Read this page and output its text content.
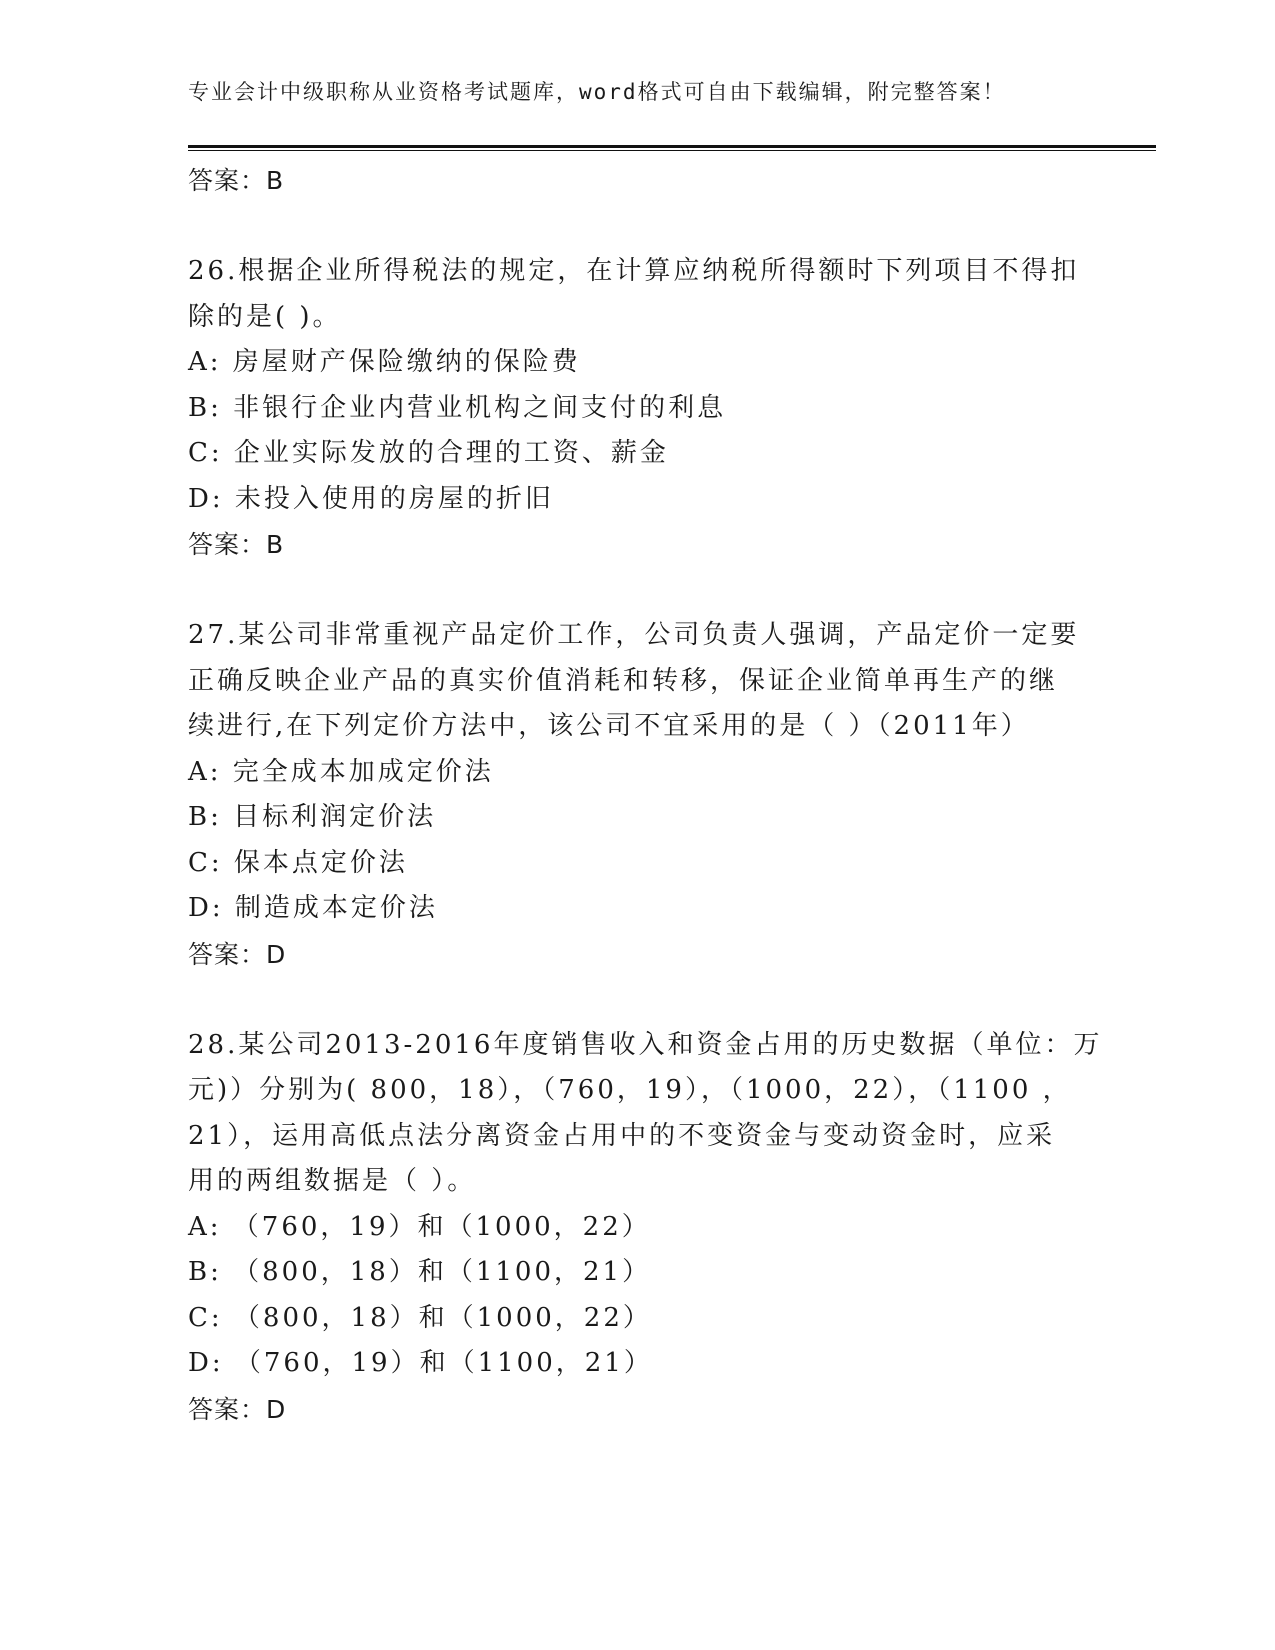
专业会计中级职称从业资格考试题库，word格式可自由下载编辑，附完整答案！
答案：B
26.根据企业所得税法的规定，在计算应纳税所得额时下列项目不得扣
除的是( )。
A: 房屋财产保险缴纳的保险费
B: 非银行企业内营业机构之间支付的利息
C: 企业实际发放的合理的工资、薪金
D: 未投入使用的房屋的折旧
答案：B
27.某公司非常重视产品定价工作，公司负责人强调，产品定价一定要
正确反映企业产品的真实价值消耗和转移，保证企业简单再生产的继
续进行,在下列定价方法中，该公司不宜采用的是（ ）（2011年）
A: 完全成本加成定价法
B: 目标利润定价法
C: 保本点定价法
D: 制造成本定价法
答案：D
28.某公司2013-2016年度销售收入和资金占用的历史数据（单位：万
元)）分别为( 800，18），（760，19），（1000，22），（1100 ，
21），运用高低点法分离资金占用中的不变资金与变动资金时，应采
用的两组数据是（ ）。
A: （760，19）和（1000，22）
B: （800，18）和（1100，21）
C: （800，18）和（1000，22）
D: （760，19）和（1100，21）
答案：D
